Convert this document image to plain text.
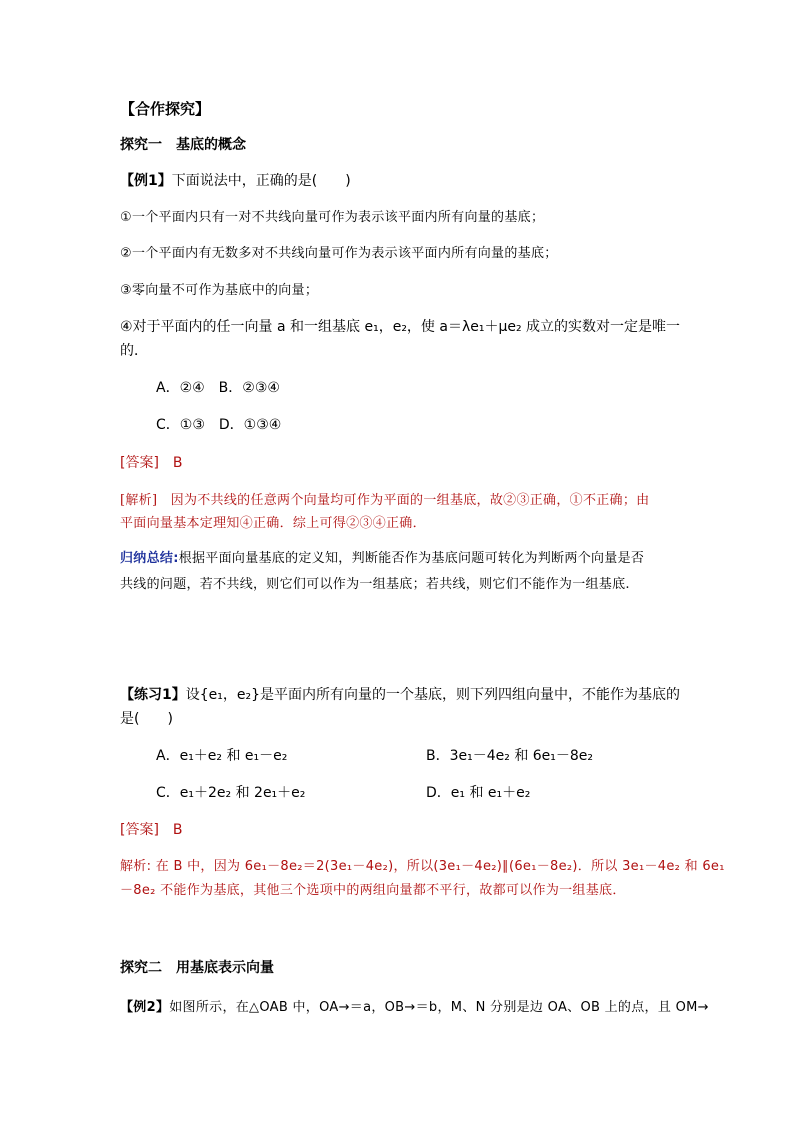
【合作探究】
探究一　基底的概念
【例1】下面说法中，正确的是(　　)
①一个平面内只有一对不共线向量可作为表示该平面内所有向量的基底；
②一个平面内有无数多对不共线向量可作为表示该平面内所有向量的基底；
③零向量不可作为基底中的向量；
④对于平面内的任一向量 a 和一组基底 e₁，e₂，使 a＝λe₁＋μe₂ 成立的实数对一定是唯一
的．
A．②④　B．②③④
C．①③　D．①③④
[答案]　B
[解析]　因为不共线的任意两个向量均可作为平面的一组基底，故②③正确，①不正确；由
平面向量基本定理知④正确．综上可得②③④正确．
归纳总结:根据平面向量基底的定义知，判断能否作为基底问题可转化为判断两个向量是否
共线的问题，若不共线，则它们可以作为一组基底；若共线，则它们不能作为一组基底.
【练习1】设{e₁，e₂}是平面内所有向量的一个基底，则下列四组向量中，不能作为基底的
是(　　)
A．e₁＋e₂ 和 e₁－e₂	B．3e₁－4e₂ 和 6e₁－8e₂
C．e₁＋2e₂ 和 2e₁＋e₂	D．e₁ 和 e₁＋e₂
[答案]　B
解析: 在 B 中，因为 6e₁－8e₂＝2(3e₁－4e₂)，所以(3e₁－4e₂)∥(6e₁－8e₂)．所以 3e₁－4e₂ 和 6e₁
－8e₂ 不能作为基底，其他三个选项中的两组向量都不平行，故都可以作为一组基底．
探究二　用基底表示向量
【例2】如图所示，在△OAB 中，OA→＝a，OB→＝b，M、N 分别是边 OA、OB 上的点，且 OM→
